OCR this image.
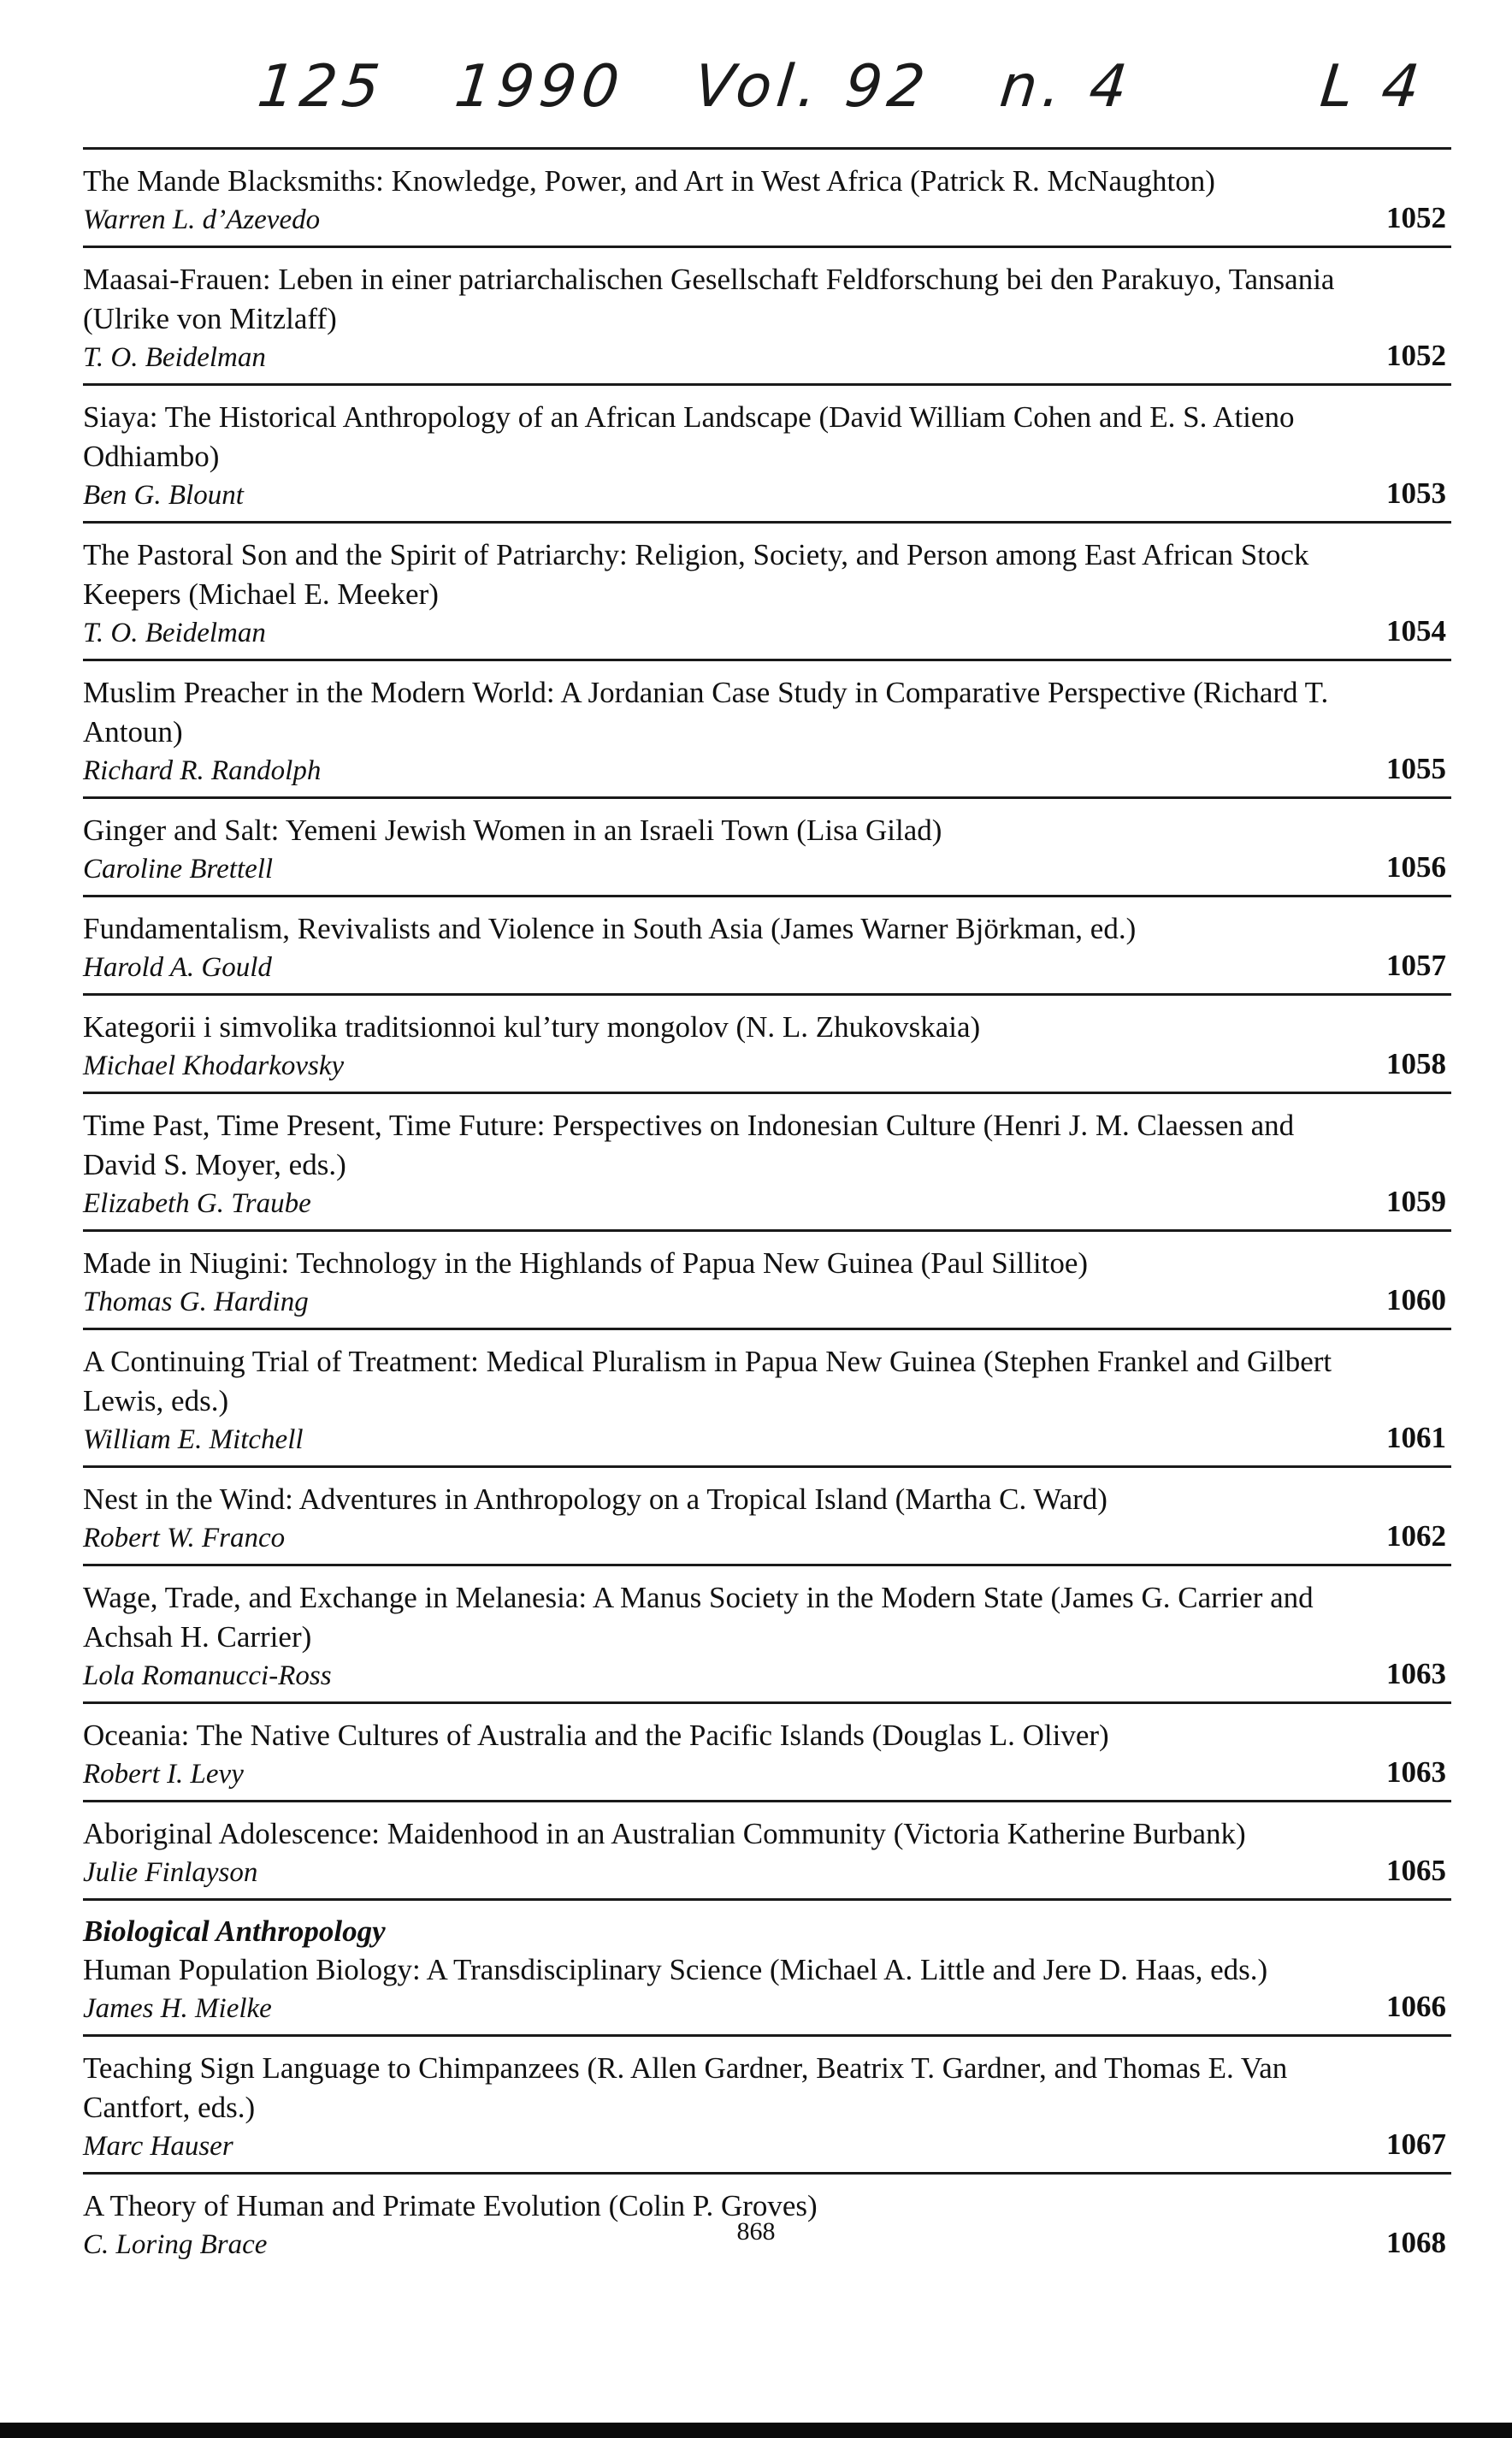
125   1990   Vol. 92   n. 4        L 4
The Mande Blacksmiths: Knowledge, Power, and Art in West Africa (Patrick R. McNaughton)
Warren L. d’Azevedo	1052
Maasai-Frauen: Leben in einer patriarchalischen Gesellschaft Feldforschung bei den Parakuyo, Tansania (Ulrike von Mitzlaff)
T. O. Beidelman	1052
Siaya: The Historical Anthropology of an African Landscape (David William Cohen and E. S. Atieno Odhiambo)
Ben G. Blount	1053
The Pastoral Son and the Spirit of Patriarchy: Religion, Society, and Person among East African Stock Keepers (Michael E. Meeker)
T. O. Beidelman	1054
Muslim Preacher in the Modern World: A Jordanian Case Study in Comparative Perspective (Richard T. Antoun)
Richard R. Randolph	1055
Ginger and Salt: Yemeni Jewish Women in an Israeli Town (Lisa Gilad)
Caroline Brettell	1056
Fundamentalism, Revivalists and Violence in South Asia (James Warner Björkman, ed.)
Harold A. Gould	1057
Kategorii i simvolika traditsionnoi kul’tury mongolov (N. L. Zhukovskaia)
Michael Khodarkovsky	1058
Time Past, Time Present, Time Future: Perspectives on Indonesian Culture (Henri J. M. Claessen and David S. Moyer, eds.)
Elizabeth G. Traube	1059
Made in Niugini: Technology in the Highlands of Papua New Guinea (Paul Sillitoe)
Thomas G. Harding	1060
A Continuing Trial of Treatment: Medical Pluralism in Papua New Guinea (Stephen Frankel and Gilbert Lewis, eds.)
William E. Mitchell	1061
Nest in the Wind: Adventures in Anthropology on a Tropical Island (Martha C. Ward)
Robert W. Franco	1062
Wage, Trade, and Exchange in Melanesia: A Manus Society in the Modern State (James G. Carrier and Achsah H. Carrier)
Lola Romanucci-Ross	1063
Oceania: The Native Cultures of Australia and the Pacific Islands (Douglas L. Oliver)
Robert I. Levy	1063
Aboriginal Adolescence: Maidenhood in an Australian Community (Victoria Katherine Burbank)
Julie Finlayson	1065
Biological Anthropology
Human Population Biology: A Transdisciplinary Science (Michael A. Little and Jere D. Haas, eds.)
James H. Mielke	1066
Teaching Sign Language to Chimpanzees (R. Allen Gardner, Beatrix T. Gardner, and Thomas E. Van Cantfort, eds.)
Marc Hauser	1067
A Theory of Human and Primate Evolution (Colin P. Groves)
C. Loring Brace	1068
868
